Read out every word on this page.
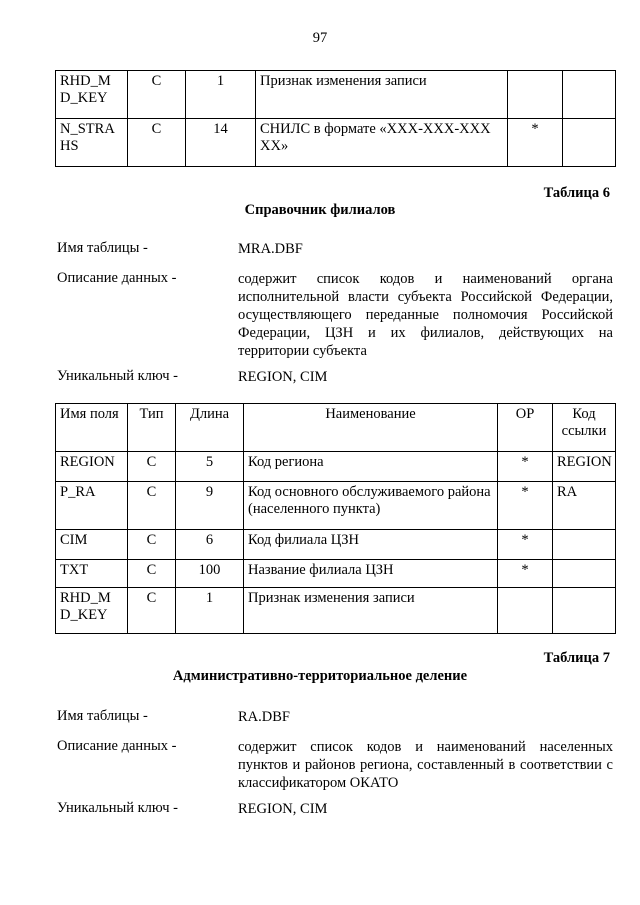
97
RHD_M D_KEY	C	1	Признак изменения записи		
N_STRA HS	C	14	СНИЛС в формате «XXX-XXX-XXX XX»	*	
Таблица 6
Справочник филиалов
Имя таблицы -	MRA.DBF
Описание данных -	содержит список кодов и наименований органа исполнительной власти субъекта Российской Федерации, осуществляющего переданные полномочия Российской Федерации, ЦЗН и их филиалов, действующих на территории субъекта
Уникальный ключ -	REGION, CIM
Имя поля	Тип	Длина	Наименование	ОР	Код ссылки
REGION	C	5	Код региона	*	REGION
P_RA	C	9	Код основного обслуживаемого района (населенного пункта)	*	RA
CIM	C	6	Код филиала ЦЗН	*	
TXT	C	100	Название филиала ЦЗН	*	
RHD_M D_KEY	C	1	Признак изменения записи		
Таблица 7
Административно-территориальное деление
Имя таблицы -	RA.DBF
Описание данных -	содержит список кодов и наименований населенных пунктов и районов региона, составленный в соответствии с классификатором ОКАТО
Уникальный ключ -	REGION, CIM
